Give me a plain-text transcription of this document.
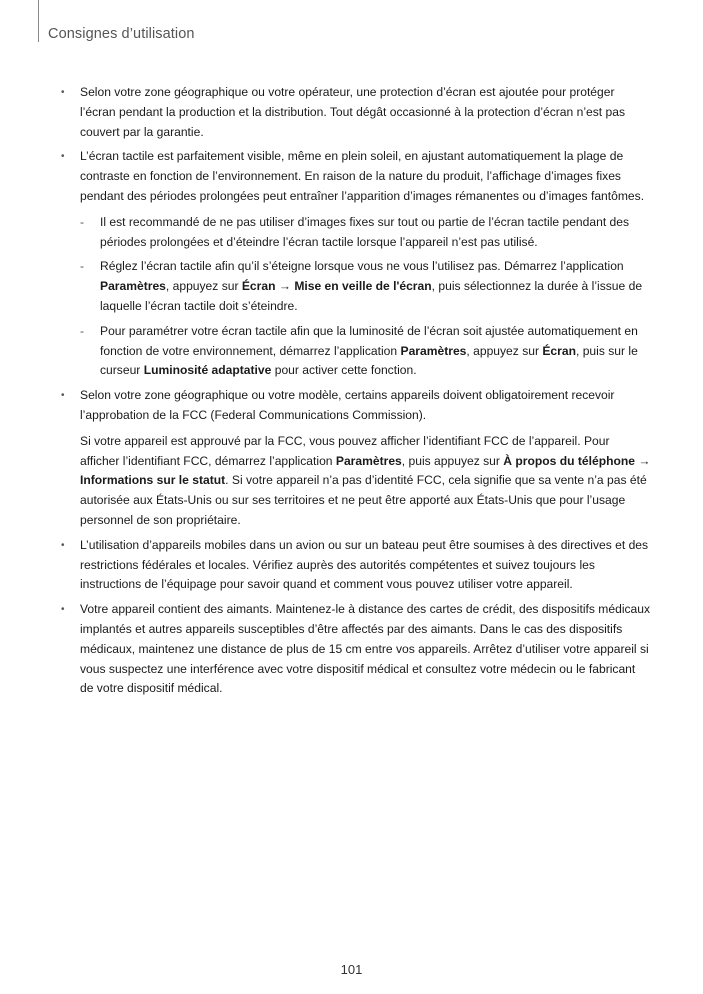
Consignes d’utilisation
• Selon votre zone géographique ou votre opérateur, une protection d’écran est ajoutée pour protéger l’écran pendant la production et la distribution. Tout dégât occasionné à la protection d’écran n’est pas couvert par la garantie.

• L’écran tactile est parfaitement visible, même en plein soleil, en ajustant automatiquement la plage de contraste en fonction de l’environnement. En raison de la nature du produit, l’affichage d’images fixes pendant des périodes prolongées peut entraîner l’apparition d’images rémanentes ou d’images fantômes.

- Il est recommandé de ne pas utiliser d’images fixes sur tout ou partie de l’écran tactile pendant des périodes prolongées et d’éteindre l’écran tactile lorsque l’appareil n’est pas utilisé.
- Réglez l’écran tactile afin qu’il s’éteigne lorsque vous ne vous l’utilisez pas. Démarrez l’application Paramètres, appuyez sur Écran → Mise en veille de l'écran, puis sélectionnez la durée à l’issue de laquelle l’écran tactile doit s’éteindre.
- Pour paramétrer votre écran tactile afin que la luminosité de l’écran soit ajustée automatiquement en fonction de votre environnement, démarrez l’application Paramètres, appuyez sur Écran, puis sur le curseur Luminosité adaptative pour activer cette fonction.
• Selon votre zone géographique ou votre modèle, certains appareils doivent obligatoirement recevoir l’approbation de la FCC (Federal Communications Commission).

Si votre appareil est approuvé par la FCC, vous pouvez afficher l’identifiant FCC de l’appareil. Pour afficher l’identifiant FCC, démarrez l’application Paramètres, puis appuyez sur À propos du téléphone → Informations sur le statut. Si votre appareil n’a pas d’identité FCC, cela signifie que sa vente n’a pas été autorisée aux États-Unis ou sur ses territoires et ne peut être apporté aux États-Unis que pour l’usage personnel de son propriétaire.

• L’utilisation d’appareils mobiles dans un avion ou sur un bateau peut être soumises à des directives et des restrictions fédérales et locales. Vérifiez auprès des autorités compétentes et suivez toujours les instructions de l’équipage pour savoir quand et comment vous pouvez utiliser votre appareil.

• Votre appareil contient des aimants. Maintenez-le à distance des cartes de crédit, des dispositifs médicaux implantés et autres appareils susceptibles d’être affectés par des aimants. Dans le cas des dispositifs médicaux, maintenez une distance de plus de 15 cm entre vos appareils. Arrêtez d’utiliser votre appareil si vous suspectez une interférence avec votre dispositif médical et consultez votre médecin ou le fabricant de votre dispositif médical.

101
